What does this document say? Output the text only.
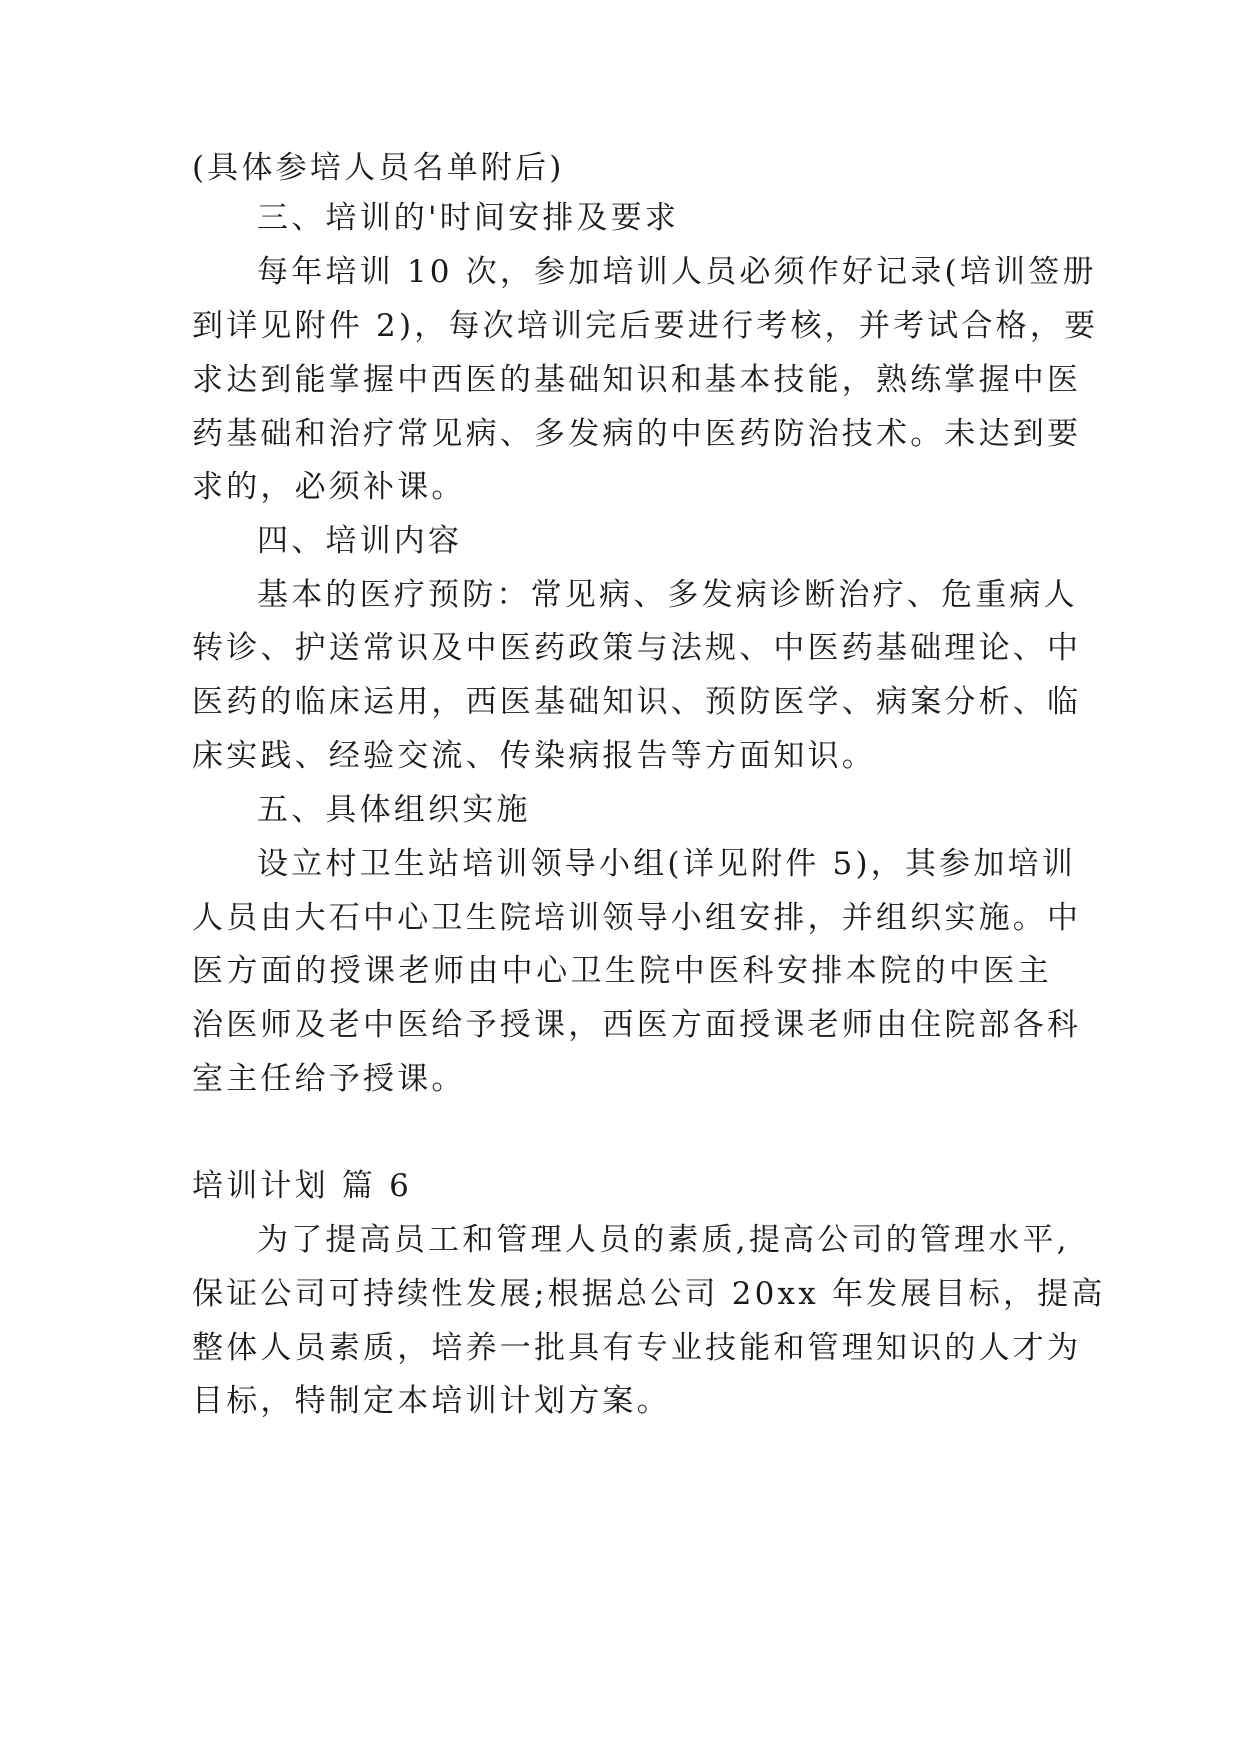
(具体参培人员名单附后)
三、培训的'时间安排及要求
每年培训 10 次，参加培训人员必须作好记录(培训签册
到详见附件 2)，每次培训完后要进行考核，并考试合格，要
求达到能掌握中西医的基础知识和基本技能，熟练掌握中医
药基础和治疗常见病、多发病的中医药防治技术。未达到要
求的，必须补课。
四、培训内容
基本的医疗预防：常见病、多发病诊断治疗、危重病人
转诊、护送常识及中医药政策与法规、中医药基础理论、中
医药的临床运用，西医基础知识、预防医学、病案分析、临
床实践、经验交流、传染病报告等方面知识。
五、具体组织实施
设立村卫生站培训领导小组(详见附件 5)，其参加培训
人员由大石中心卫生院培训领导小组安排，并组织实施。中
医方面的授课老师由中心卫生院中医科安排本院的中医主
治医师及老中医给予授课，西医方面授课老师由住院部各科
室主任给予授课。
培训计划 篇 6
为了提高员工和管理人员的素质,提高公司的管理水平,
保证公司可持续性发展;根据总公司 20xx 年发展目标，提高
整体人员素质，培养一批具有专业技能和管理知识的人才为
目标，特制定本培训计划方案。
